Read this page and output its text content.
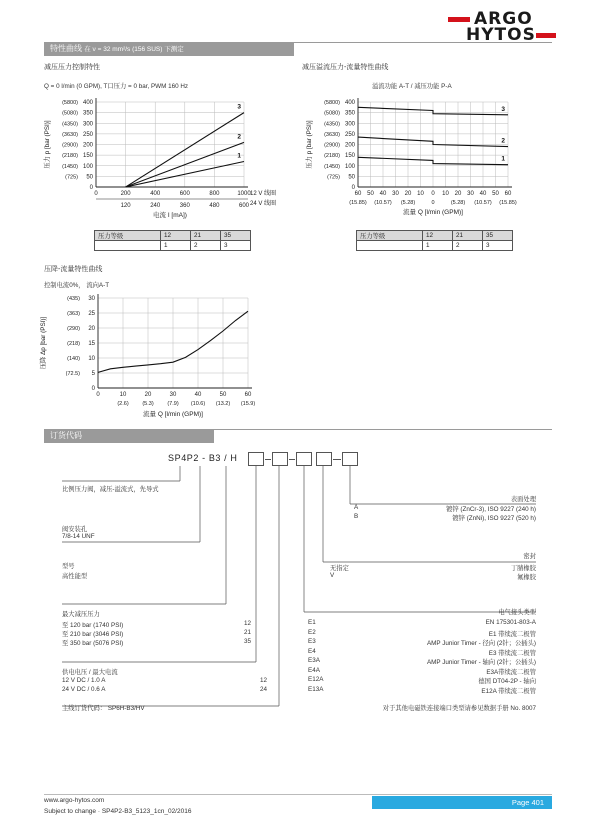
ARGO
HYTOS
特性曲线 在 ν = 32 mm²/s (156 SUS) 下测定
减压压力控制特性
Q = 0 l/min (0 GPM), T口压力 = 0 bar, PWM 160 Hz
0
50
(725)
100
(1450)
150
(2180)
200
(2900)
250
(3630)
300
(4350)
350
(5080)
400
(5800)
0	200	400	600	800	1000
1
2
3
压力 p [bar (PSI)]
12 V 线圈
120	240	360	480	600 24 V 线圈
电流 I [mA])
压力等级	12	21	35
	1	2	3
减压溢流压力-流量特性曲线
溢流功能 A-T / 减压功能 P-A
0
50
(725)
100
(1450)
150
(2180)
200
(2900)
250
(3630)
300
(4350)
350
(5080)
400
(5800)
60 50 40 30 20 10 0 10 20 30 40 50 60
1
2
3
压力 p [bar (PSI)]
(15.85) (10.57) (5.28)	0	(5.28) (10.57) (15.85)
流量 Q [l/min (GPM)]
压力等级	12	21	35
	1	2	3
压降-流量特性曲线
控制电流0%， 流向A-T
0
5
(72.5)
10
(140)
15
(218)
20
(290)
25
(363)
30
(435)
0	10	20	30	40	50	60
压降 Δp [bar (PSI)]
(2.6) (5.3) (7.9) (10.6) (13.2) (15.9)
流量 Q [l/min (GPM)]
订货代码
SP4P2 - B3 / H
比例压力阀，减压-溢流式，先导式
阀安装孔
7/8-14 UNF
型号
高性能型
最大减压压力
至 120 bar (1740 PSI)	12
至 210 bar (3046 PSI)	21
至 350 bar (5076 PSI)	35
供电电压 / 最大电流
12 V DC / 1.0 A	12
24 V DC / 0.6 A	24
主线订货代码： SP6H-B3/HV
表面处理
A	镀锌 (ZnCr-3), ISO 9227 (240 h)
B	镀锌 (ZnNi), ISO 9227 (520 h)
密封
无指定	丁腈橡胶
V	氟橡胶
电气接头类型
E1	EN 175301-803-A
E2	E1 带续流二极管
E3	AMP Junior Timer - 径向 (2针；公插头)
E4	E3 带续流二极管
E3A	AMP Junior Timer - 轴向 (2针；公插头)
E4A	E3A带续流二极管
E12A	德国 DT04-2P - 轴向
E13A	E12A 带续流二极管
对于其他电磁铁连接端口类型请参见数据手册 No. 8007
www.argo-hytos.com
Subject to change · SP4P2-B3_5123_1cn_02/2016
Page 401
